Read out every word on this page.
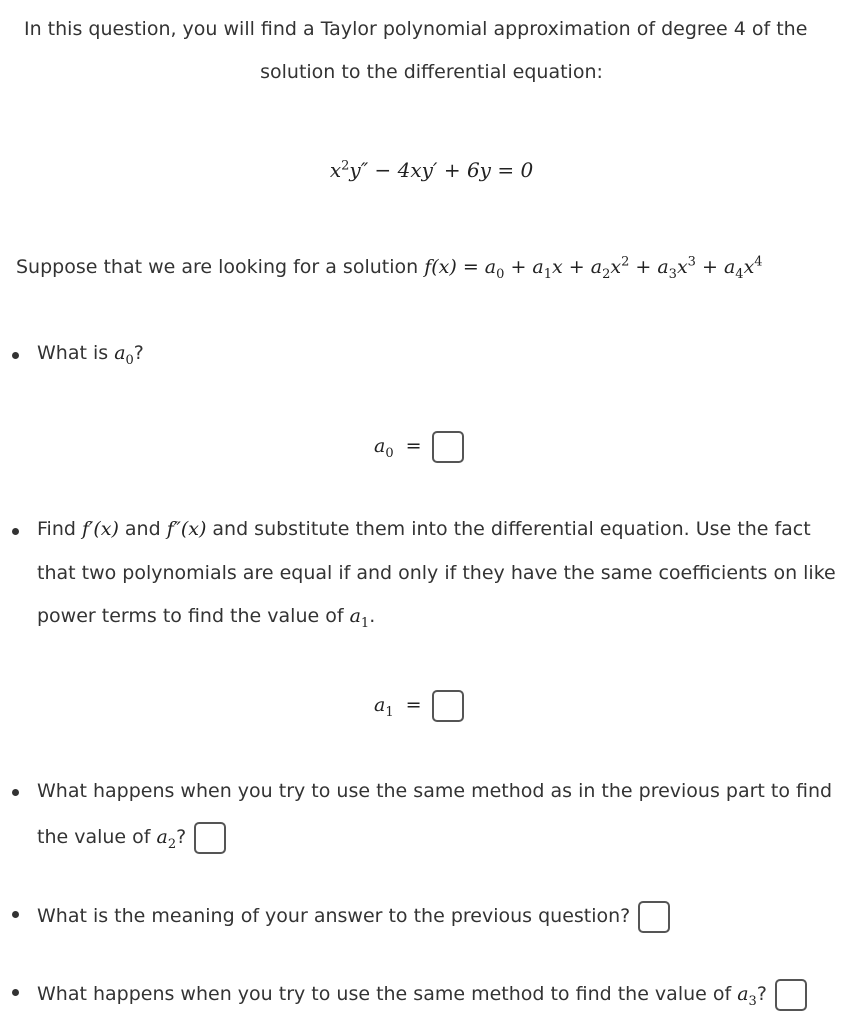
In this question, you will find a Taylor polynomial approximation of degree 4 of the
solution to the differential equation:
$x^2y'' - 4xy' + 6y = 0$
Suppose that we are looking for a solution $f(x) = a_0 + a_1x + a_2x^2 + a_3x^3 + a_4x^4$
What is $a_0$?
$a_0$ =
Find f′(x) and f″(x) and substitute them into the differential equation. Use the fact
that two polynomials are equal if and only if they have the same coefficients on like
power terms to find the value of $a_1$.
$a_1$ =
What happens when you try to use the same method as in the previous part to find
the value of $a_2$?
What is the meaning of your answer to the previous question?
What happens when you try to use the same method to find the value of $a_3$?
